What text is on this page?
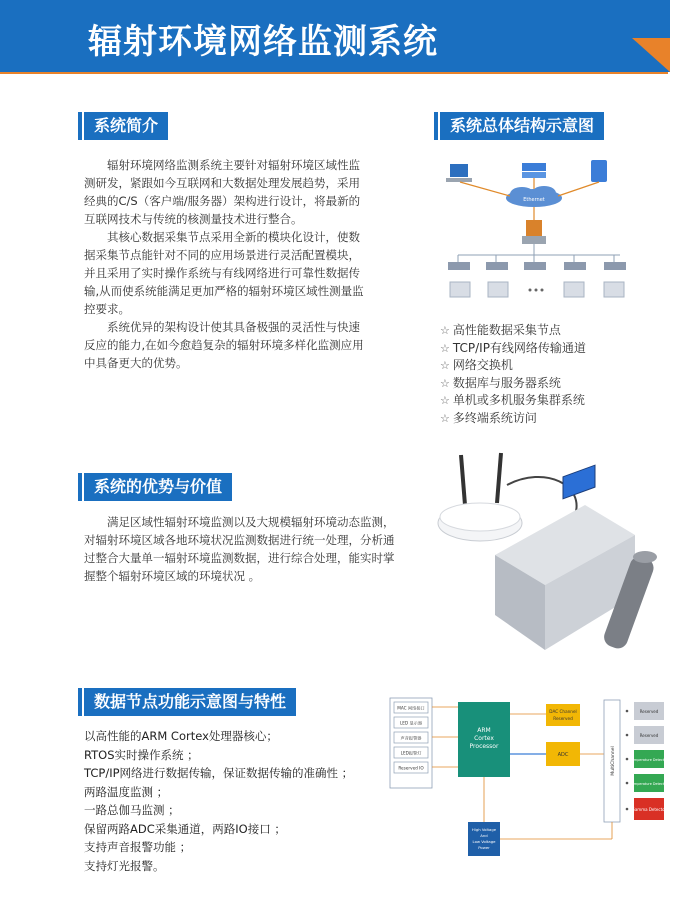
辐射环境网络监测系统
系统简介

辐射环境网络监测系统主要针对辐射环境区域性监测研发，紧跟如今互联网和大数据处理发展趋势，采用经典的C/S（客户端/服务器）架构进行设计，将最新的互联网技术与传统的核测量技术进行整合。

其核心数据采集节点采用全新的模块化设计，使数据采集节点能针对不同的应用场景进行灵活配置模块，并且采用了实时操作系统与有线网络进行可靠性数据传输,从而使系统能满足更加严格的辐射环境区域性测量监控要求。

系统优异的架构设计使其具备极强的灵活性与快速反应的能力,在如今愈趋复杂的辐射环境多样化监测应用中具备更大的优势。

系统总体结构示意图
Ethernet
☆ 高性能数据采集节点
☆ TCP/IP有线网络传输通道
☆ 网络交换机
☆ 数据库与服务器系统
☆ 单机或多机服务集群系统
☆ 多终端系统访问
系统的优势与价值

满足区域性辐射环境监测以及大规模辐射环境动态监测，对辐射环境区域各地环境状况监测数据进行统一处理，分析通过整合大量单一辐射环境监测数据，进行综合处理，能实时掌握整个辐射环境区域的环境状况 。

数据节点功能示意图与特性
以高性能的ARM Cortex处理器核心；
RTOS实时操作系统 ；
TCP/IP网络进行数据传输，保证数据传输的准确性 ；
两路温度监测 ；
一路总伽马监测 ；
保留两路ADC采集通道，两路IO接口 ；
支持声音报警功能 ；
支持灯光报警。
MAC 网络接口
LED 显示器
声音报警器
LED报警灯
Reserved IO
ARM
Cortex
Processor
DAC Channel
Reserved
ADC	MultiChannel
Reserved
Reserved
Temperature Detector
Temperature Detector
Gamma Detector
High Voltage
And
Low Voltage
Power
